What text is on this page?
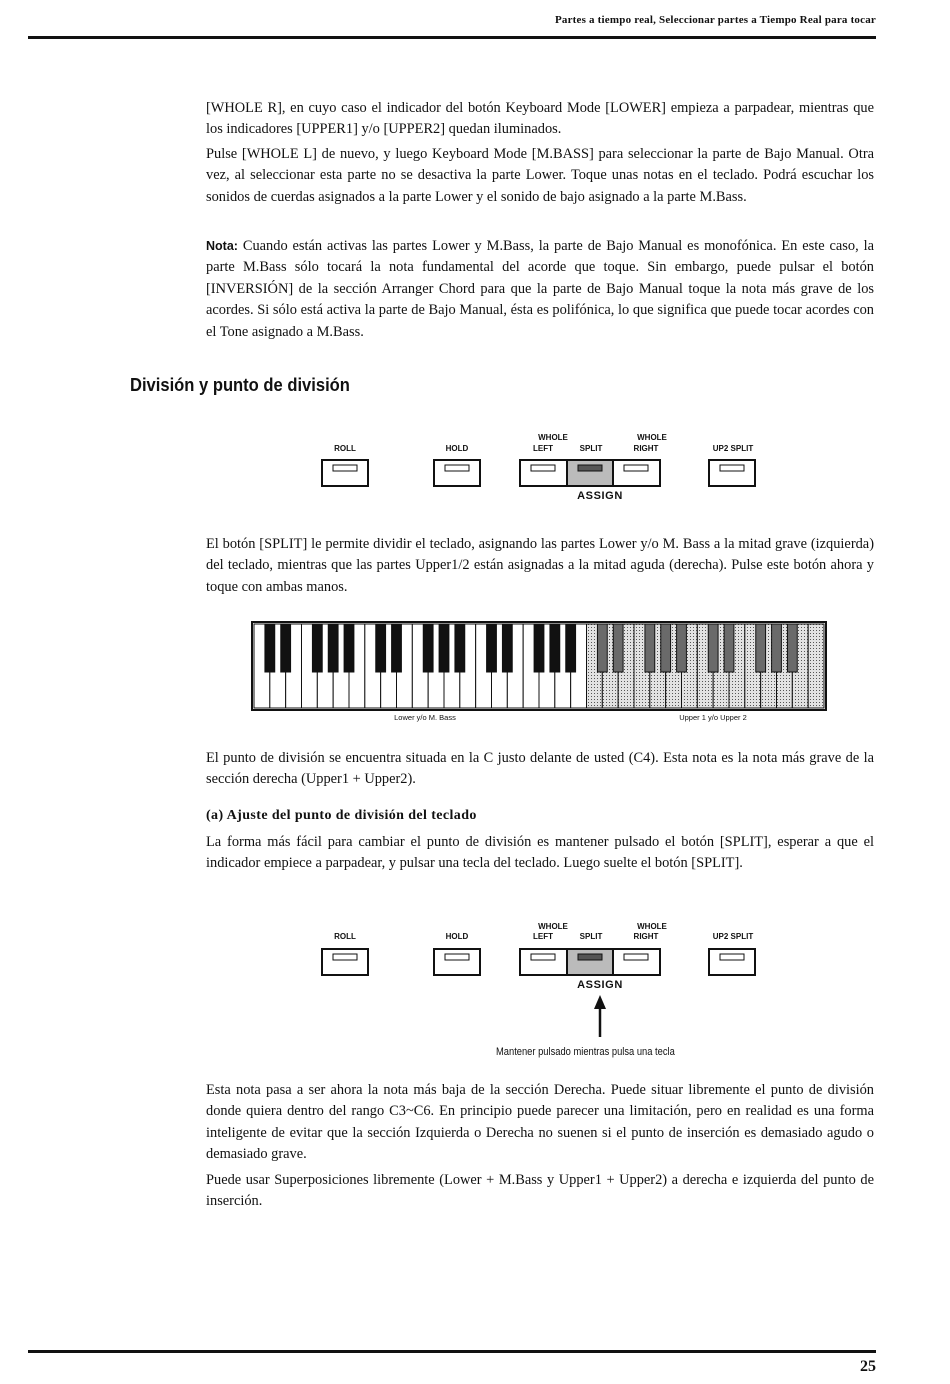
Partes a tiempo real, Seleccionar partes a Tiempo Real para tocar

[WHOLE R], en cuyo caso el indicador del botón Keyboard Mode [LOWER] empieza a parpadear, mientras que los indicadores [UPPER1] y/o [UPPER2] quedan iluminados.

Pulse [WHOLE L] de nuevo, y luego Keyboard Mode [M.BASS] para seleccionar la parte de Bajo Manual. Otra vez, al seleccionar esta parte no se desactiva la parte Lower. Toque unas notas en el teclado. Podrá escuchar los sonidos de cuerdas asignados a la parte Lower y el sonido de bajo asignado a la parte M.Bass.

Nota: Cuando están activas las partes Lower y M.Bass, la parte de Bajo Manual es monofónica. En este caso, la parte M.Bass sólo tocará la nota fundamental del acorde que toque. Sin embargo, puede pulsar el botón [INVERSIÓN] de la sección Arranger Chord para que la parte de Bajo Manual toque la nota más grave de los acordes. Si sólo está activa la parte de Bajo Manual, ésta es polifónica, lo que significa que puede tocar acordes con el Tone asignado a M.Bass.

División y punto de división
ROLL	HOLD
WHOLE
LEFT	SPLIT
WHOLE
RIGHT
ASSIGN
UP2 SPLIT

El botón [SPLIT] le permite dividir el teclado, asignando las partes Lower y/o M. Bass a la mitad grave (izquierda) del teclado, mientras que las partes Upper1/2 están asignadas a la mitad aguda (derecha). Pulse este botón ahora y toque con ambas manos.

Lower y/o M. Bass	Upper 1 y/o Upper 2

El punto de división se encuentra situada en la C justo delante de usted (C4). Esta nota es la nota más grave de la sección derecha (Upper1 + Upper2).

(a) Ajuste del punto de división del teclado

La forma más fácil para cambiar el punto de división es mantener pulsado el botón [SPLIT], esperar a que el indicador empiece a parpadear, y pulsar una tecla del teclado. Luego suelte el botón [SPLIT].

ROLL	HOLD
WHOLE
LEFT	SPLIT
WHOLE
RIGHT
ASSIGN
UP2 SPLIT
Mantener pulsado mientras pulsa una tecla

Esta nota pasa a ser ahora la nota más baja de la sección Derecha. Puede situar libremente el punto de división donde quiera dentro del rango C3~C6. En principio puede parecer una limitación, pero en realidad es una forma inteligente de evitar que la sección Izquierda o Derecha no suenen si el punto de inserción es demasiado agudo o demasiado grave.

Puede usar Superposiciones libremente (Lower + M.Bass y Upper1 + Upper2) a derecha e izquierda del punto de inserción.

25
